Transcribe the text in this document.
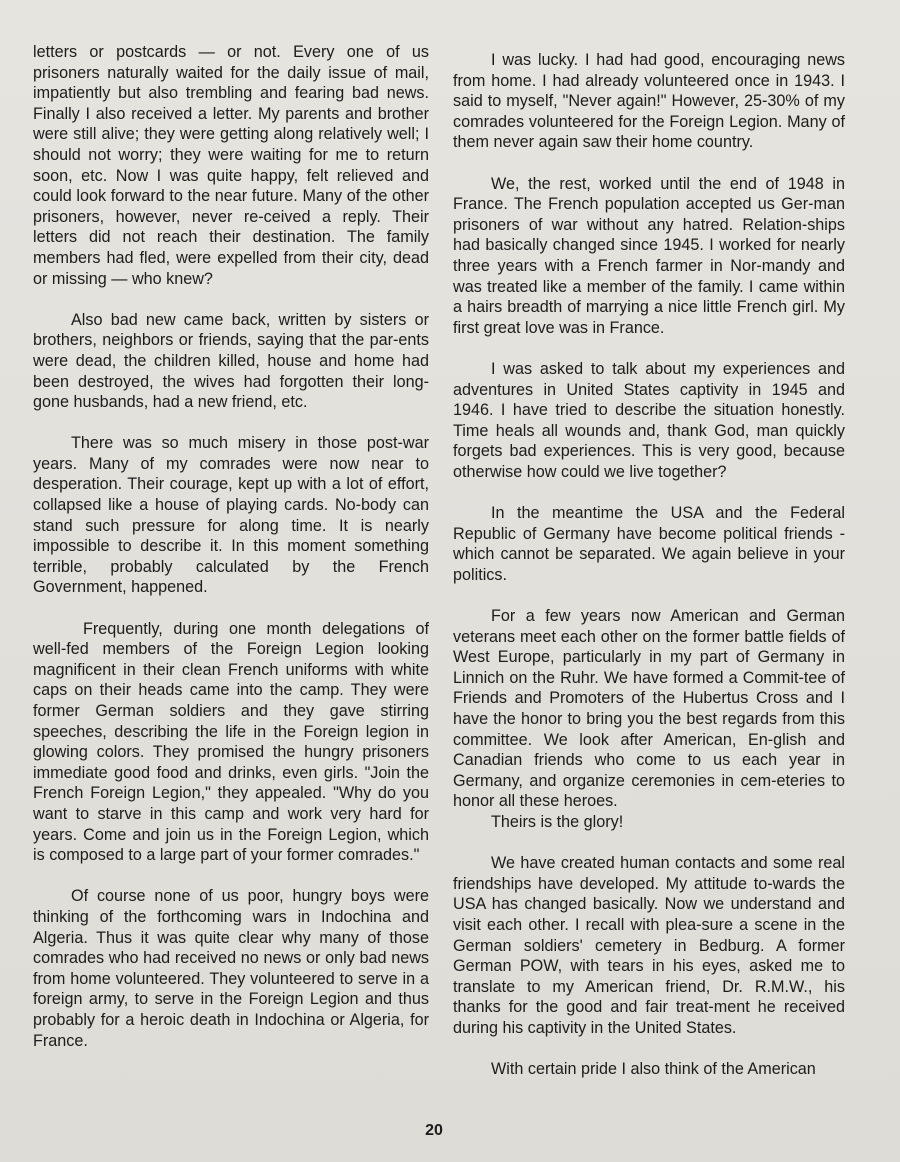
letters or postcards — or not. Every one of us prisoners naturally waited for the daily issue of mail, impatiently but also trembling and fearing bad news. Finally I also received a letter. My parents and brother were still alive; they were getting along relatively well; I should not worry; they were waiting for me to return soon, etc. Now I was quite happy, felt relieved and could look forward to the near future. Many of the other prisoners, however, never re-ceived a reply. Their letters did not reach their destination. The family members had fled, were expelled from their city, dead or missing — who knew?

Also bad new came back, written by sisters or brothers, neighbors or friends, saying that the par-ents were dead, the children killed, house and home had been destroyed, the wives had forgotten their long-gone husbands, had a new friend, etc.

There was so much misery in those post-war years. Many of my comrades were now near to desperation. Their courage, kept up with a lot of effort, collapsed like a house of playing cards. No-body can stand such pressure for along time. It is nearly impossible to describe it. In this moment something terrible, probably calculated by the French Government, happened.

Frequently, during one month delegations of well-fed members of the Foreign Legion looking magnificent in their clean French uniforms with white caps on their heads came into the camp. They were former German soldiers and they gave stirring speeches, describing the life in the Foreign legion in glowing colors. They promised the hungry prisoners immediate good food and drinks, even girls. "Join the French Foreign Legion," they appealed. "Why do you want to starve in this camp and work very hard for years. Come and join us in the Foreign Legion, which is composed to a large part of your former comrades."

Of course none of us poor, hungry boys were thinking of the forthcoming wars in Indochina and Algeria. Thus it was quite clear why many of those comrades who had received no news or only bad news from home volunteered. They volunteered to serve in a foreign army, to serve in the Foreign Legion and thus probably for a heroic death in Indochina or Algeria, for France.

I was lucky. I had had good, encouraging news from home. I had already volunteered once in 1943. I said to myself, "Never again!" However, 25-30% of my comrades volunteered for the Foreign Legion. Many of them never again saw their home country.

We, the rest, worked until the end of 1948 in France. The French population accepted us Ger-man prisoners of war without any hatred. Relation-ships had basically changed since 1945. I worked for nearly three years with a French farmer in Nor-mandy and was treated like a member of the family. I came within a hairs breadth of marrying a nice little French girl. My first great love was in France.

I was asked to talk about my experiences and adventures in United States captivity in 1945 and 1946. I have tried to describe the situation honestly. Time heals all wounds and, thank God, man quickly forgets bad experiences. This is very good, because otherwise how could we live together?

In the meantime the USA and the Federal Republic of Germany have become political friends - which cannot be separated. We again believe in your politics.

For a few years now American and German veterans meet each other on the former battle fields of West Europe, particularly in my part of Germany in Linnich on the Ruhr. We have formed a Commit-tee of Friends and Promoters of the Hubertus Cross and I have the honor to bring you the best regards from this committee. We look after American, En-glish and Canadian friends who come to us each year in Germany, and organize ceremonies in cem-eteries to honor all these heroes.

Theirs is the glory!

We have created human contacts and some real friendships have developed. My attitude to-wards the USA has changed basically. Now we understand and visit each other. I recall with plea-sure a scene in the German soldiers' cemetery in Bedburg. A former German POW, with tears in his eyes, asked me to translate to my American friend, Dr. R.M.W., his thanks for the good and fair treat-ment he received during his captivity in the United States.

With certain pride I also think of the American

20
